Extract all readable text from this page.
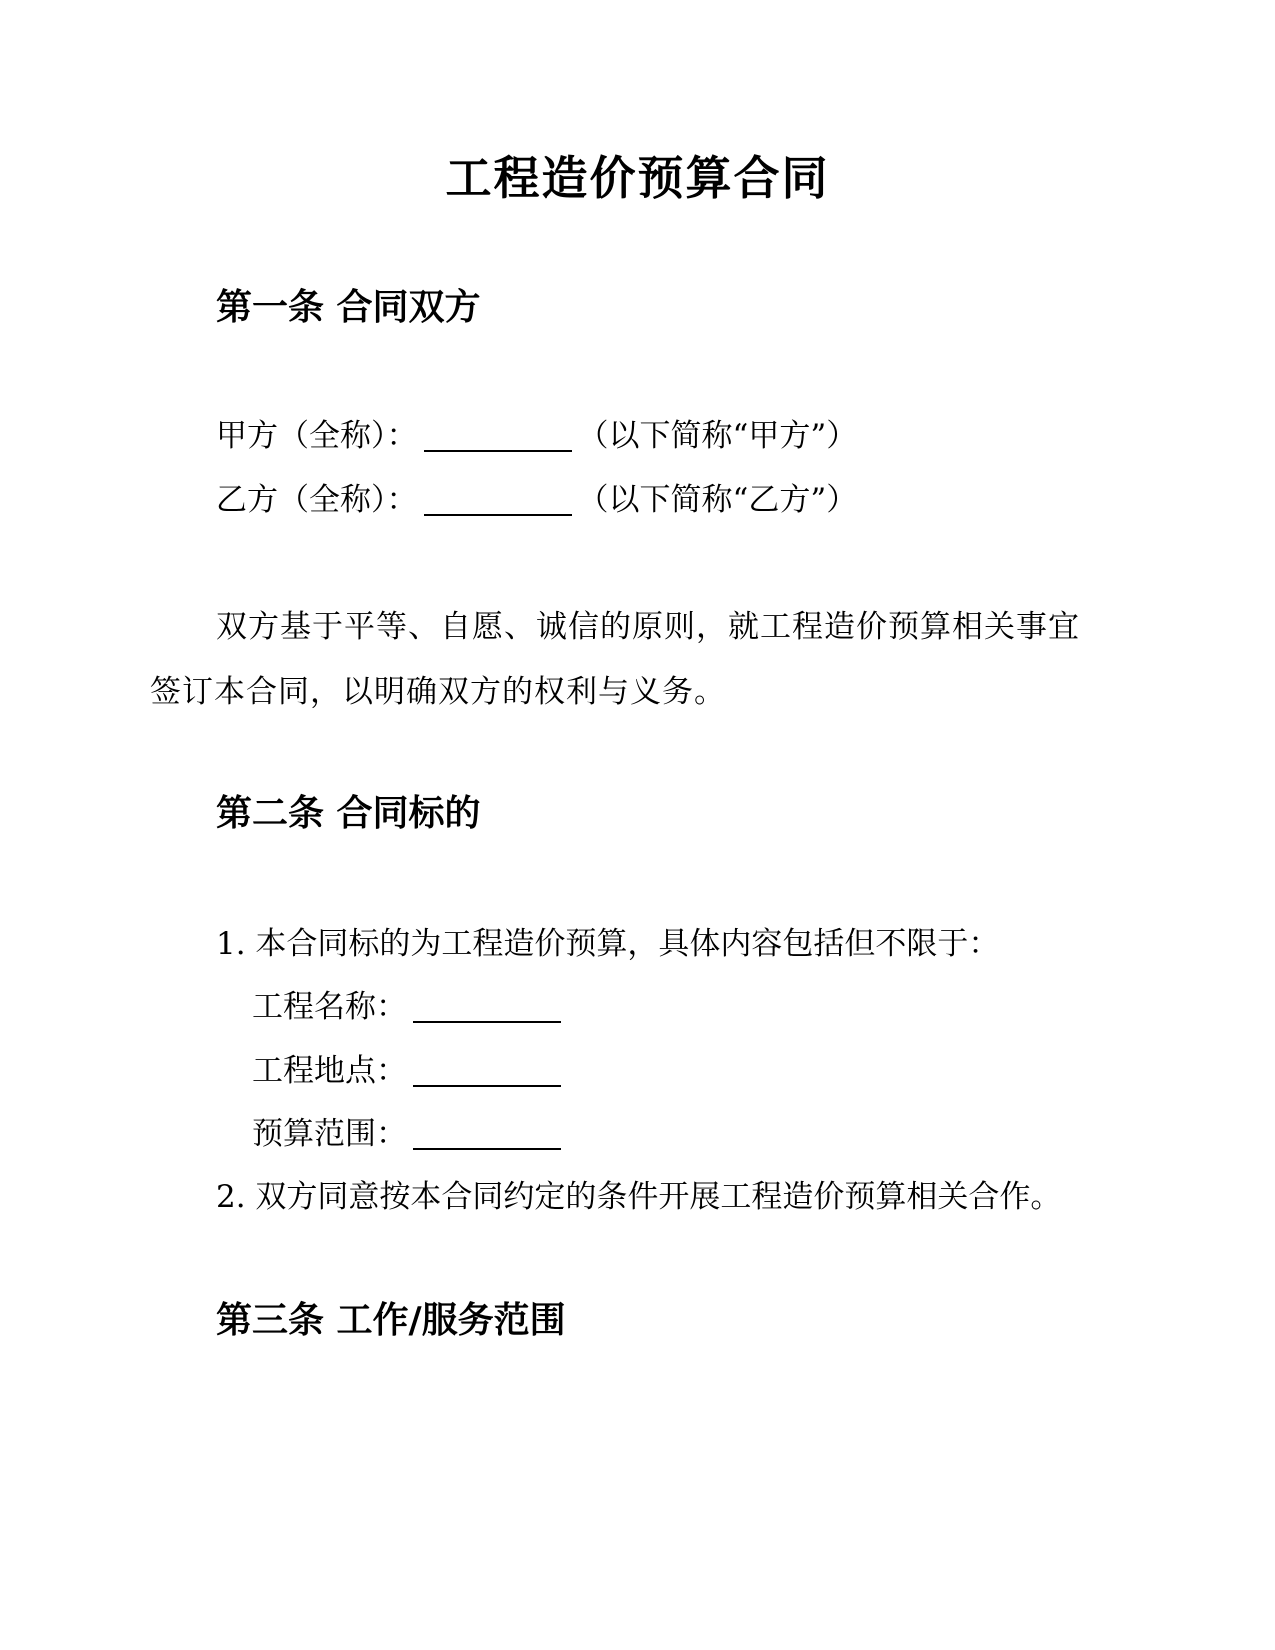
工程造价预算合同
第一条 合同双方
甲方（全称）：	（以下简称“甲方”）
乙方（全称）：	（以下简称“乙方”）
双方基于平等、自愿、诚信的原则，就工程造价预算相关事宜签订本合同，以明确双方的权利与义务。
第二条 合同标的
1. 本合同标的为工程造价预算，具体内容包括但不限于：
工程名称：
工程地点：
预算范围：
2. 双方同意按本合同约定的条件开展工程造价预算相关合作。
第三条 工作/服务范围
